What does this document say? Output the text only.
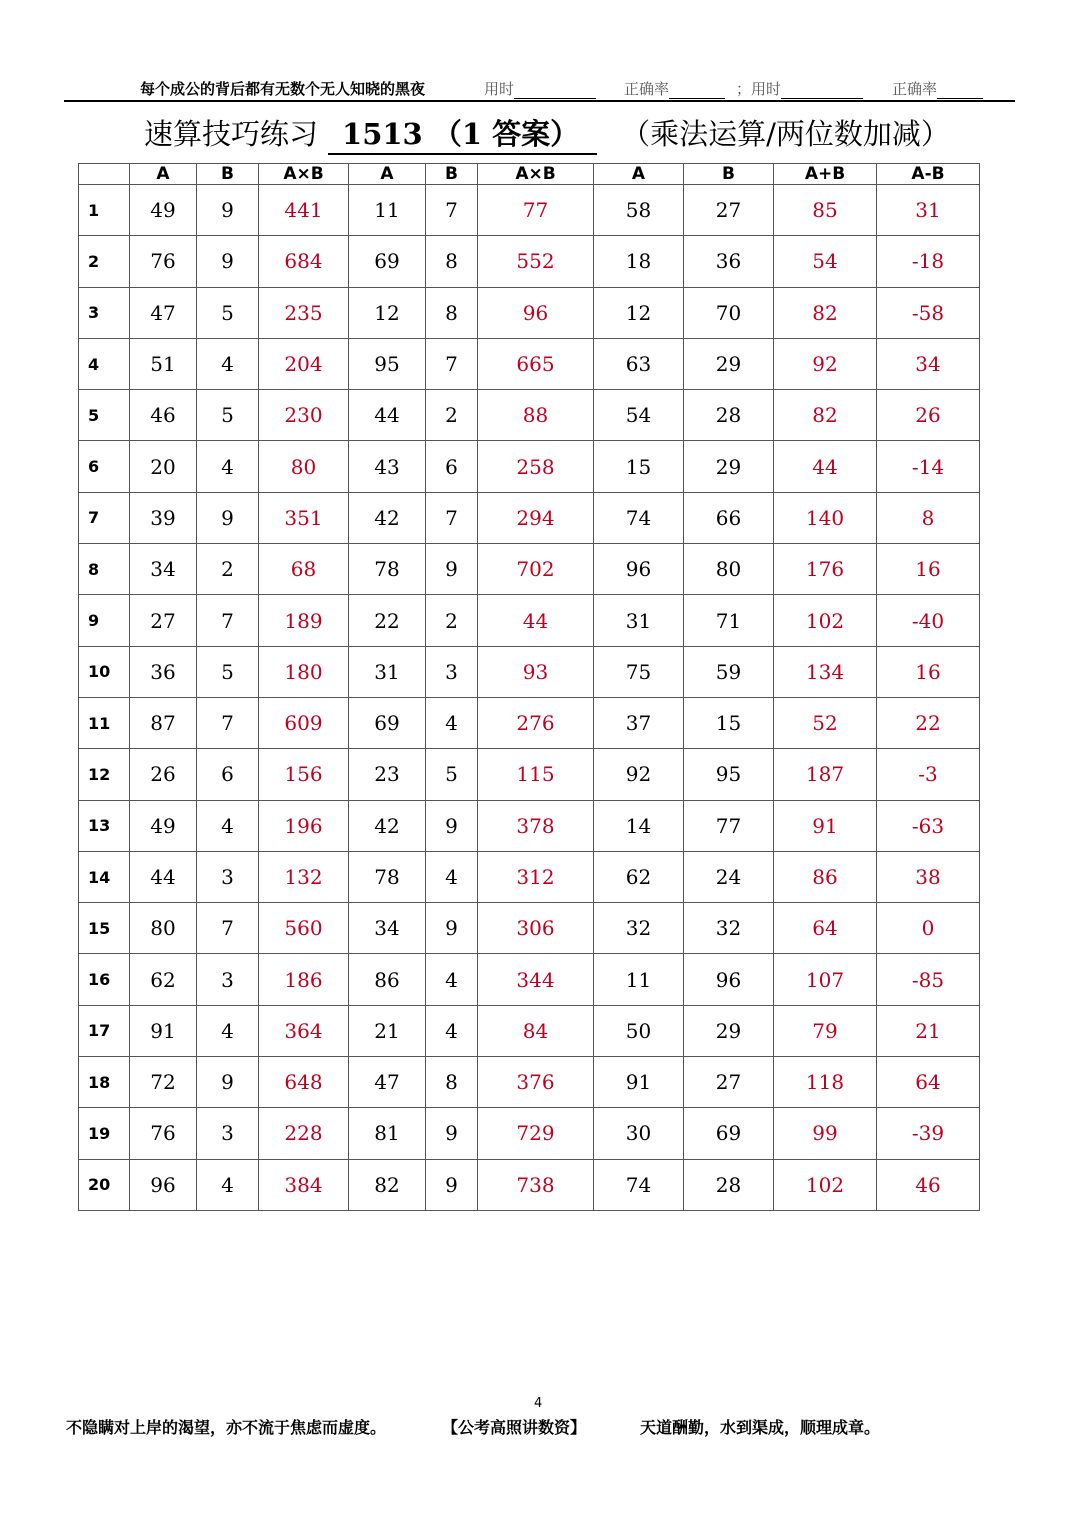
每个成公的背后都有无数个无人知晓的黑夜	用时	正确率	；用时	正确率
速算技巧练习 1513 （1 答案） （乘法运算/两位数加减）
	A	B	A×B	A	B	A×B	A	B	A+B	A-B
1	49	9	441	11	7	77	58	27	85	31
2	76	9	684	69	8	552	18	36	54	-18
3	47	5	235	12	8	96	12	70	82	-58
4	51	4	204	95	7	665	63	29	92	34
5	46	5	230	44	2	88	54	28	82	26
6	20	4	80	43	6	258	15	29	44	-14
7	39	9	351	42	7	294	74	66	140	8
8	34	2	68	78	9	702	96	80	176	16
9	27	7	189	22	2	44	31	71	102	-40
10	36	5	180	31	3	93	75	59	134	16
11	87	7	609	69	4	276	37	15	52	22
12	26	6	156	23	5	115	92	95	187	-3
13	49	4	196	42	9	378	14	77	91	-63
14	44	3	132	78	4	312	62	24	86	38
15	80	7	560	34	9	306	32	32	64	0
16	62	3	186	86	4	344	11	96	107	-85
17	91	4	364	21	4	84	50	29	79	21
18	72	9	648	47	8	376	91	27	118	64
19	76	3	228	81	9	729	30	69	99	-39
20	96	4	384	82	9	738	74	28	102	46
4
不隐瞒对上岸的渴望，亦不流于焦虑而虚度。	【公考高照讲数资】	天道酬勤，水到渠成，顺理成章。
